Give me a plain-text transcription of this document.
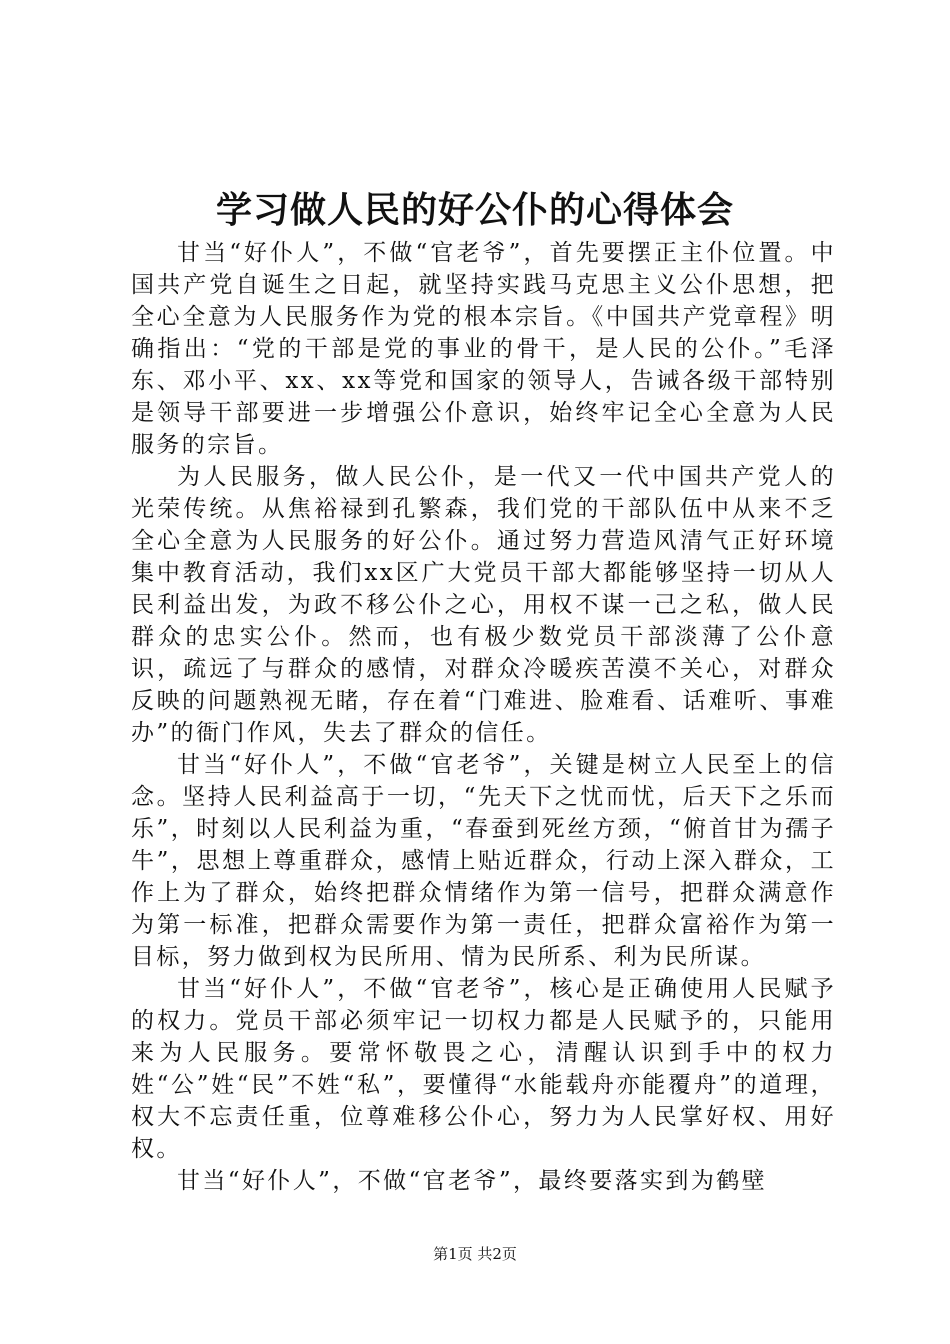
学习做人民的好公仆的心得体会

甘当“好仆人”，不做“官老爷”，首先要摆正主仆位置。中国共产党自诞生之日起，就坚持实践马克思主义公仆思想，把全心全意为人民服务作为党的根本宗旨。《中国共产党章程》明确指出：“党的干部是党的事业的骨干，是人民的公仆。”毛泽东、邓小平、xx、xx等党和国家的领导人，告诫各级干部特别是领导干部要进一步增强公仆意识，始终牢记全心全意为人民服务的宗旨。

为人民服务，做人民公仆，是一代又一代中国共产党人的光荣传统。从焦裕禄到孔繁森，我们党的干部队伍中从来不乏全心全意为人民服务的好公仆。通过努力营造风清气正好环境集中教育活动，我们xx区广大党员干部大都能够坚持一切从人民利益出发，为政不移公仆之心，用权不谋一己之私，做人民群众的忠实公仆。然而，也有极少数党员干部淡薄了公仆意识，疏远了与群众的感情，对群众冷暖疾苦漠不关心，对群众反映的问题熟视无睹，存在着“门难进、脸难看、话难听、事难办”的衙门作风，失去了群众的信任。

甘当“好仆人”，不做“官老爷”，关键是树立人民至上的信念。坚持人民利益高于一切，“先天下之忧而忧，后天下之乐而乐”，时刻以人民利益为重，“春蚕到死丝方颈，“俯首甘为孺子牛”，思想上尊重群众，感情上贴近群众，行动上深入群众，工作上为了群众，始终把群众情绪作为第一信号，把群众满意作为第一标准，把群众需要作为第一责任，把群众富裕作为第一目标，努力做到权为民所用、情为民所系、利为民所谋。

甘当“好仆人”，不做“官老爷”，核心是正确使用人民赋予的权力。党员干部必须牢记一切权力都是人民赋予的，只能用来为人民服务。要常怀敬畏之心，清醒认识到手中的权力姓“公”姓“民”不姓“私”，要懂得“水能载舟亦能覆舟”的道理，权大不忘责任重，位尊难移公仆心，努力为人民掌好权、用好权。

甘当“好仆人”，不做“官老爷”，最终要落实到为鹤壁

第1页 共2页
